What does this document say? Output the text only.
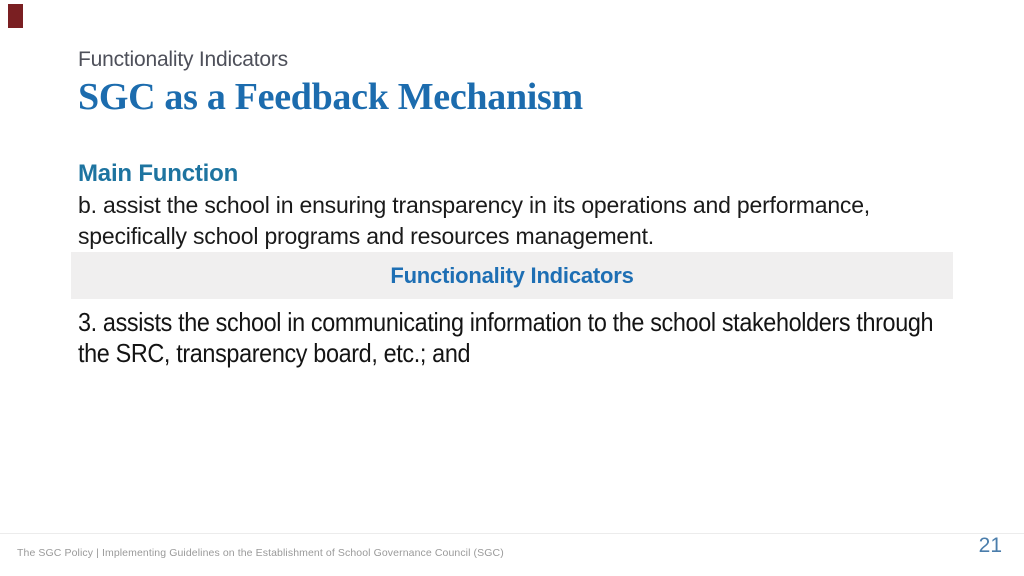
Functionality Indicators
SGC as a Feedback Mechanism
Main Function
b. assist the school in ensuring transparency in its operations and performance, specifically school programs and resources management.
Functionality Indicators
3. assists the school in communicating information to the school stakeholders through the SRC, transparency board, etc.; and
The SGC Policy | Implementing Guidelines on the Establishment of School Governance Council (SGC)	21
